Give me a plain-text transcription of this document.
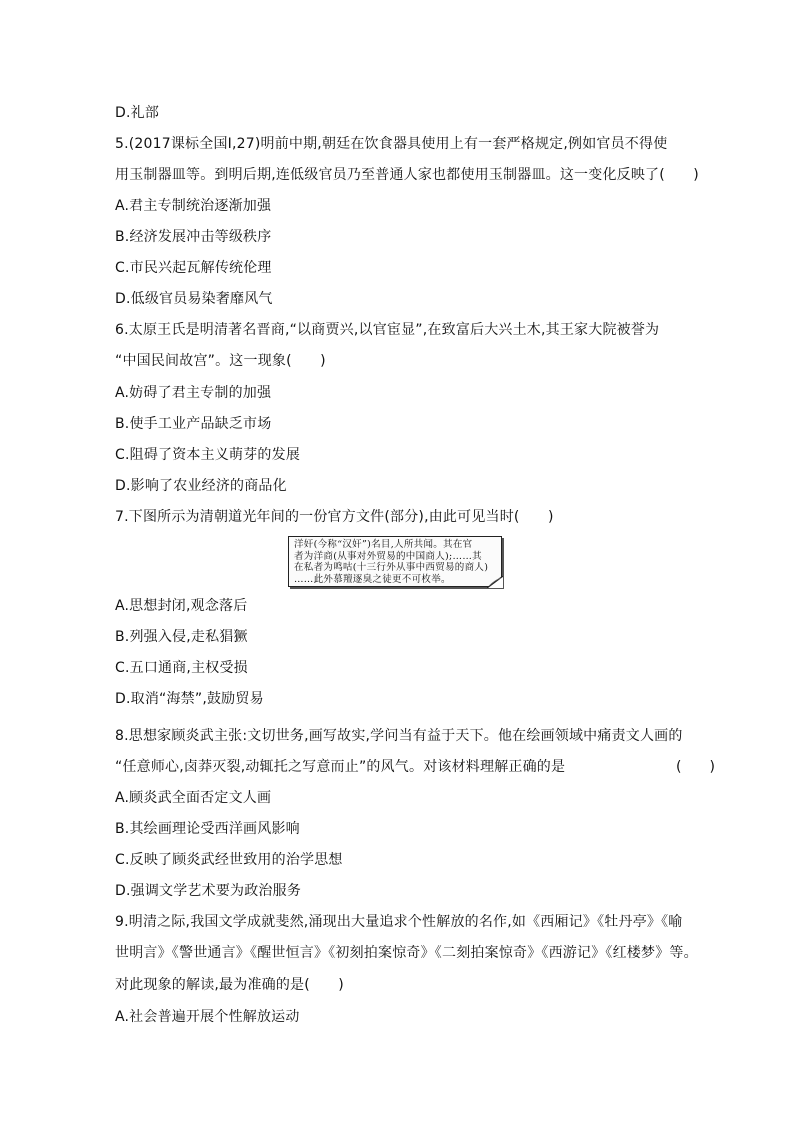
D.礼部
5.(2017课标全国Ⅰ,27)明前中期,朝廷在饮食器具使用上有一套严格规定,例如官员不得使
用玉制器皿等。到明后期,连低级官员乃至普通人家也都使用玉制器皿。这一变化反映了(　　)
A.君主专制统治逐渐加强
B.经济发展冲击等级秩序
C.市民兴起瓦解传统伦理
D.低级官员易染奢靡风气
6.太原王氏是明清著名晋商,“以商贾兴,以官宦显”,在致富后大兴土木,其王家大院被誉为
“中国民间故宫”。这一现象(　　)
A.妨碍了君主专制的加强
B.使手工业产品缺乏市场
C.阻碍了资本主义萌芽的发展
D.影响了农业经济的商品化
7.下图所示为清朝道光年间的一份官方文件(部分),由此可见当时(　　)
洋奸(今称“汉奸”)名目,人所共闻。其在官
者为洋商(从事对外贸易的中国商人);……其
在私者为鸣咕(十三行外从事中西贸易的商人)
……此外慕羶逐臭之徒更不可枚举。
A.思想封闭,观念落后
B.列强入侵,走私猖獗
C.五口通商,主权受损
D.取消“海禁”,鼓励贸易
8.思想家顾炎武主张:文切世务,画写故实,学问当有益于天下。他在绘画领域中痛责文人画的
“任意师心,卤莽灭裂,动辄托之写意而止”的风气。对该材料理解正确的是	(　　)
A.顾炎武全面否定文人画
B.其绘画理论受西洋画风影响
C.反映了顾炎武经世致用的治学思想
D.强调文学艺术要为政治服务
9.明清之际,我国文学成就斐然,涌现出大量追求个性解放的名作,如《西厢记》《牡丹亭》《喻
世明言》《警世通言》《醒世恒言》《初刻拍案惊奇》《二刻拍案惊奇》《西游记》《红楼梦》等。
对此现象的解读,最为准确的是(　　)
A.社会普遍开展个性解放运动
